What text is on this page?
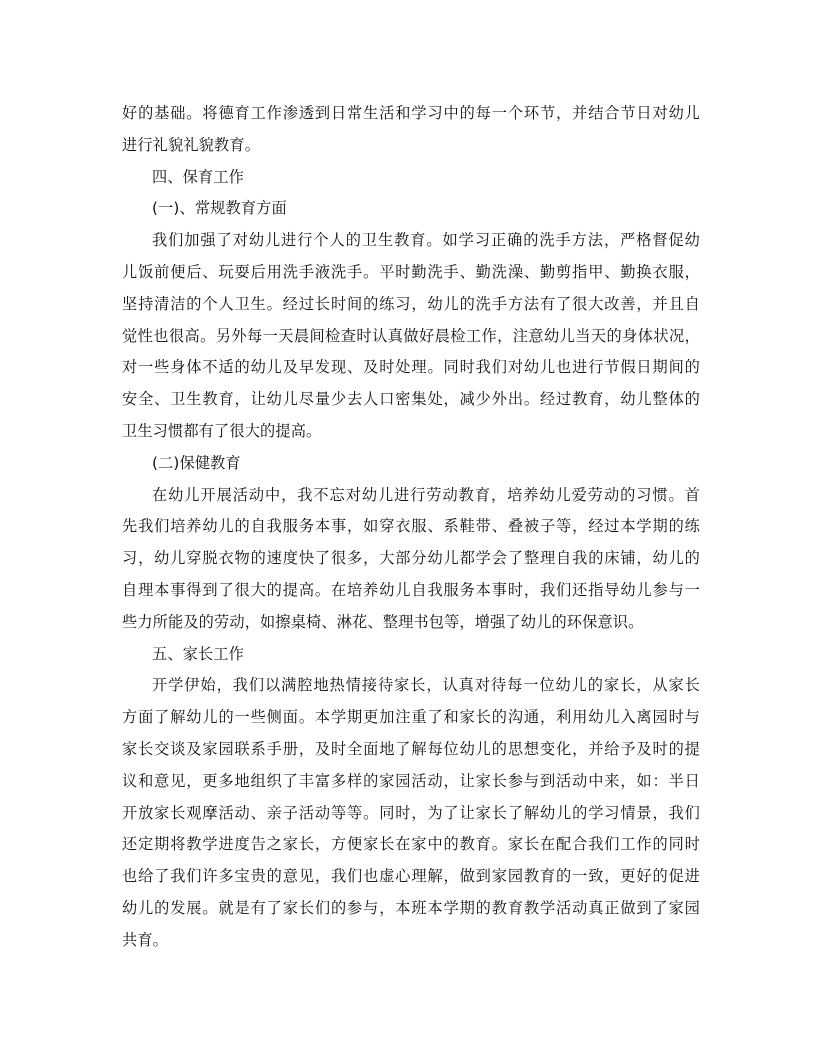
好的基础。将德育工作渗透到日常生活和学习中的每一个环节，并结合节日对幼儿
进行礼貌礼貌教育。
四、保育工作
(一)、常规教育方面
我们加强了对幼儿进行个人的卫生教育。如学习正确的洗手方法，严格督促幼
儿饭前便后、玩耍后用洗手液洗手。平时勤洗手、勤洗澡、勤剪指甲、勤换衣服，
坚持清洁的个人卫生。经过长时间的练习，幼儿的洗手方法有了很大改善，并且自
觉性也很高。另外每一天晨间检查时认真做好晨检工作，注意幼儿当天的身体状况，
对一些身体不适的幼儿及早发现、及时处理。同时我们对幼儿也进行节假日期间的
安全、卫生教育，让幼儿尽量少去人口密集处，减少外出。经过教育，幼儿整体的
卫生习惯都有了很大的提高。
(二)保健教育
在幼儿开展活动中，我不忘对幼儿进行劳动教育，培养幼儿爱劳动的习惯。首
先我们培养幼儿的自我服务本事，如穿衣服、系鞋带、叠被子等，经过本学期的练
习，幼儿穿脱衣物的速度快了很多，大部分幼儿都学会了整理自我的床铺，幼儿的
自理本事得到了很大的提高。在培养幼儿自我服务本事时，我们还指导幼儿参与一
些力所能及的劳动，如擦桌椅、淋花、整理书包等，增强了幼儿的环保意识。
五、家长工作
开学伊始，我们以满腔地热情接待家长，认真对待每一位幼儿的家长，从家长
方面了解幼儿的一些侧面。本学期更加注重了和家长的沟通，利用幼儿入离园时与
家长交谈及家园联系手册，及时全面地了解每位幼儿的思想变化，并给予及时的提
议和意见，更多地组织了丰富多样的家园活动，让家长参与到活动中来，如：半日
开放家长观摩活动、亲子活动等等。同时，为了让家长了解幼儿的学习情景，我们
还定期将教学进度告之家长，方便家长在家中的教育。家长在配合我们工作的同时
也给了我们许多宝贵的意见，我们也虚心理解，做到家园教育的一致，更好的促进
幼儿的发展。就是有了家长们的参与，本班本学期的教育教学活动真正做到了家园
共育。
